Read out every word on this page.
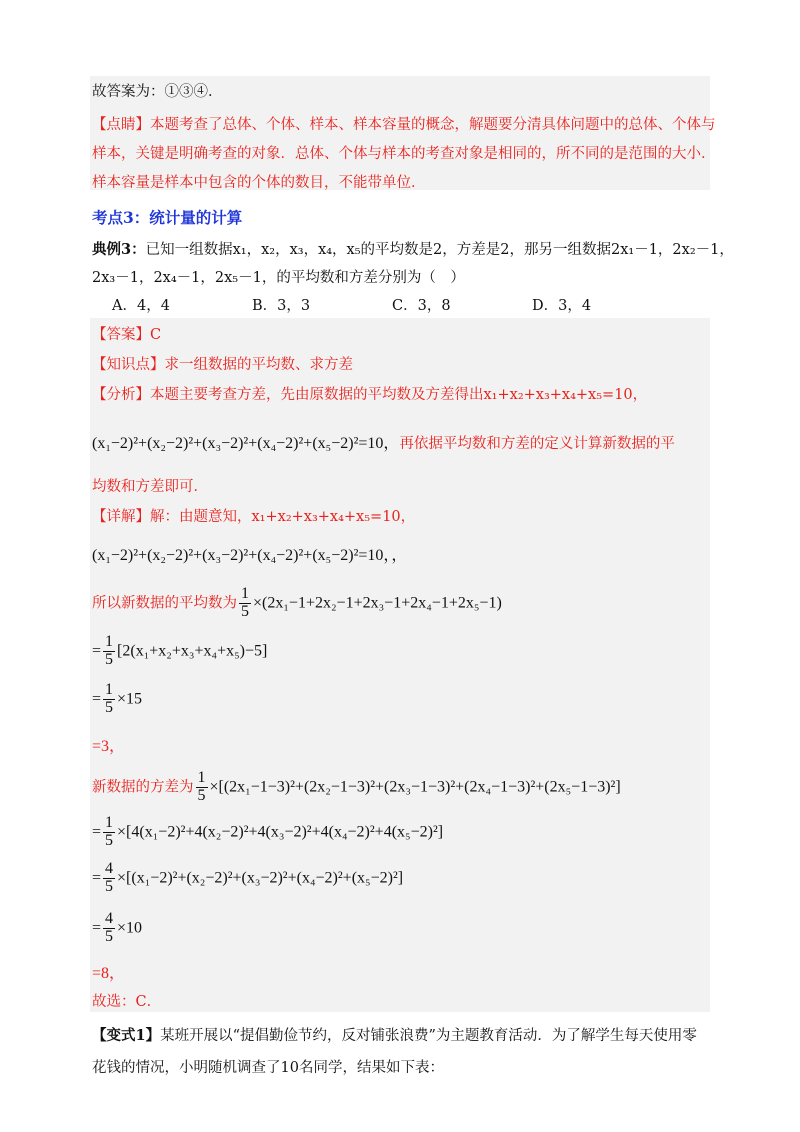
故答案为：①③④．
【点睛】本题考查了总体、个体、样本、样本容量的概念，解题要分清具体问题中的总体、个体与
样本，关键是明确考查的对象．总体、个体与样本的考查对象是相同的，所不同的是范围的大小．
样本容量是样本中包含的个体的数目，不能带单位．
考点3：统计量的计算
典例3：已知一组数据x₁，x₂，x₃，x₄，x₅的平均数是2，方差是2，那另一组数据2x₁－1，2x₂－1，
2x₃－1，2x₄－1，2x₅－1，的平均数和方差分别为（　）
A．4，4	B．3，3	C．3，8	D．3，4
【答案】C
【知识点】求一组数据的平均数、求方差
【分析】本题主要考查方差，先由原数据的平均数及方差得出x₁+x₂+x₃+x₄+x₅=10，
(x₁−2)²+(x₂−2)²+(x₃−2)²+(x₄−2)²+(x₅−2)²=10，再依据平均数和方差的定义计算新数据的平
均数和方差即可．
【详解】解：由题意知，x₁+x₂+x₃+x₄+x₅=10，
(x₁−2)²+(x₂−2)²+(x₃−2)²+(x₄−2)²+(x₅−2)²=10，，
所以新数据的平均数为 $\frac{1}{5} \times(2x_1-1+2x_2-1+2x_3-1+2x_4-1+2x_5-1)$
= $\frac{1}{5} [2(x_1+x_2+x_3+x_4+x_5)-5]$
= $\frac{1}{5} \times 15$
=3，
新数据的方差为 $\frac{1}{5} \times[(2x_1-1-3)^2+(2x_2-1-3)^2+(2x_3-1-3)^2+(2x_4-1-3)^2+(2x_5-1-3)^2]$
= $\frac{1}{5} \times[4(x_1-2)^2+4(x_2-2)^2+4(x_3-2)^2+4(x_4-2)^2+4(x_5-2)^2]$
= $\frac{4}{5} \times[(x_1-2)^2+(x_2-2)^2+(x_3-2)^2+(x_4-2)^2+(x_5-2)^2]$
= $\frac{4}{5} \times 10$
=8，
故选：C．
【变式1】某班开展以“提倡勤俭节约，反对铺张浪费”为主题教育活动．为了解学生每天使用零
花钱的情况，小明随机调查了10名同学，结果如下表：
